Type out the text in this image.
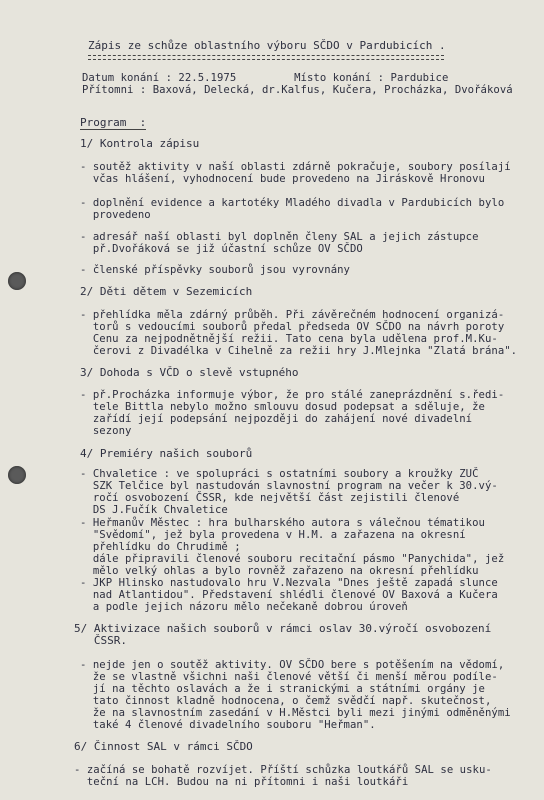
Zápis ze schůze oblastního výboru SČDO v Pardubicích .
Datum konání : 22.5.1975         Místo konání : Pardubice
Přítomni : Baxová, Delecká, dr.Kalfus, Kučera, Procházka, Dvořáková
Program  :
1/ Kontrola zápisu
- soutěž aktivity v naší oblasti zdárně pokračuje, soubory posílají
včas hlášení, vyhodnocení bude provedeno na Jiráskově Hronovu
- doplnění evidence a kartotéky Mladého divadla v Pardubicích bylo
provedeno
- adresář naší oblasti byl doplněn členy SAL a jejich zástupce
př.Dvořáková se již účastní schůze OV SČDO
- členské příspěvky souborů jsou vyrovnány
2/ Děti dětem v Sezemicích
- přehlídka měla zdárný průběh. Při závěrečném hodnocení organizá-
torů s vedoucími souborů předal předseda OV SČDO na návrh poroty
Cenu za nejpodnětnější režii. Tato cena byla udělena prof.M.Ku-
čerovi z Divadélka v Cihelně za režii hry J.Mlejnka "Zlatá brána".
3/ Dohoda s VČD o slevě vstupného
- př.Procházka informuje výbor, že pro stálé zaneprázdnění s.ředi-
tele Bittla nebylo možno smlouvu dosud podepsat a sděluje, že
zařídí její podepsání nejpozději do zahájení nové divadelní
sezony
4/ Premiéry našich souborů
- Chvaletice : ve spolupráci s ostatními soubory a kroužky ZUČ
SZK Telčice byl nastudován slavnostní program na večer k 30.vý-
ročí osvobození ČSSR, kde největší část zejistili členové
DS J.Fučík Chvaletice
- Heřmanův Městec : hra bulharského autora s válečnou tématikou
"Svědomí", jež byla provedena v H.M. a zařazena na okresní
přehlídku do Chrudimě ;
dále připravili členové souboru recitační pásmo "Panychida", jež
mělo velký ohlas a bylo rovněž zařazeno na okresní přehlídku
- JKP Hlinsko nastudovalo hru V.Nezvala "Dnes ještě zapadá slunce
nad Atlantidou". Představení shlédli členové OV Baxová a Kučera
a podle jejich názoru mělo nečekaně dobrou úroveň
5/ Aktivizace našich souborů v rámci oslav 30.výročí osvobození
ČSSR.
- nejde jen o soutěž aktivity. OV SČDO bere s potěšením na vědomí,
že se vlastně všichni naši členové větší či menší měrou podíle-
jí na těchto oslavách a že i stranickými a státními orgány je
tato činnost kladně hodnocena, o čemž svědčí např. skutečnost,
že na slavnostním zasedání v H.Městci byli mezi jinými odměněnými
také 4 členové divadelního souboru "Heřman".
6/ Činnost SAL v rámci SČDO
- začíná se bohatě rozvíjet. Příští schůzka loutkářů SAL se usku-
teční na LCH. Budou na ni přítomni i naši loutkáři
